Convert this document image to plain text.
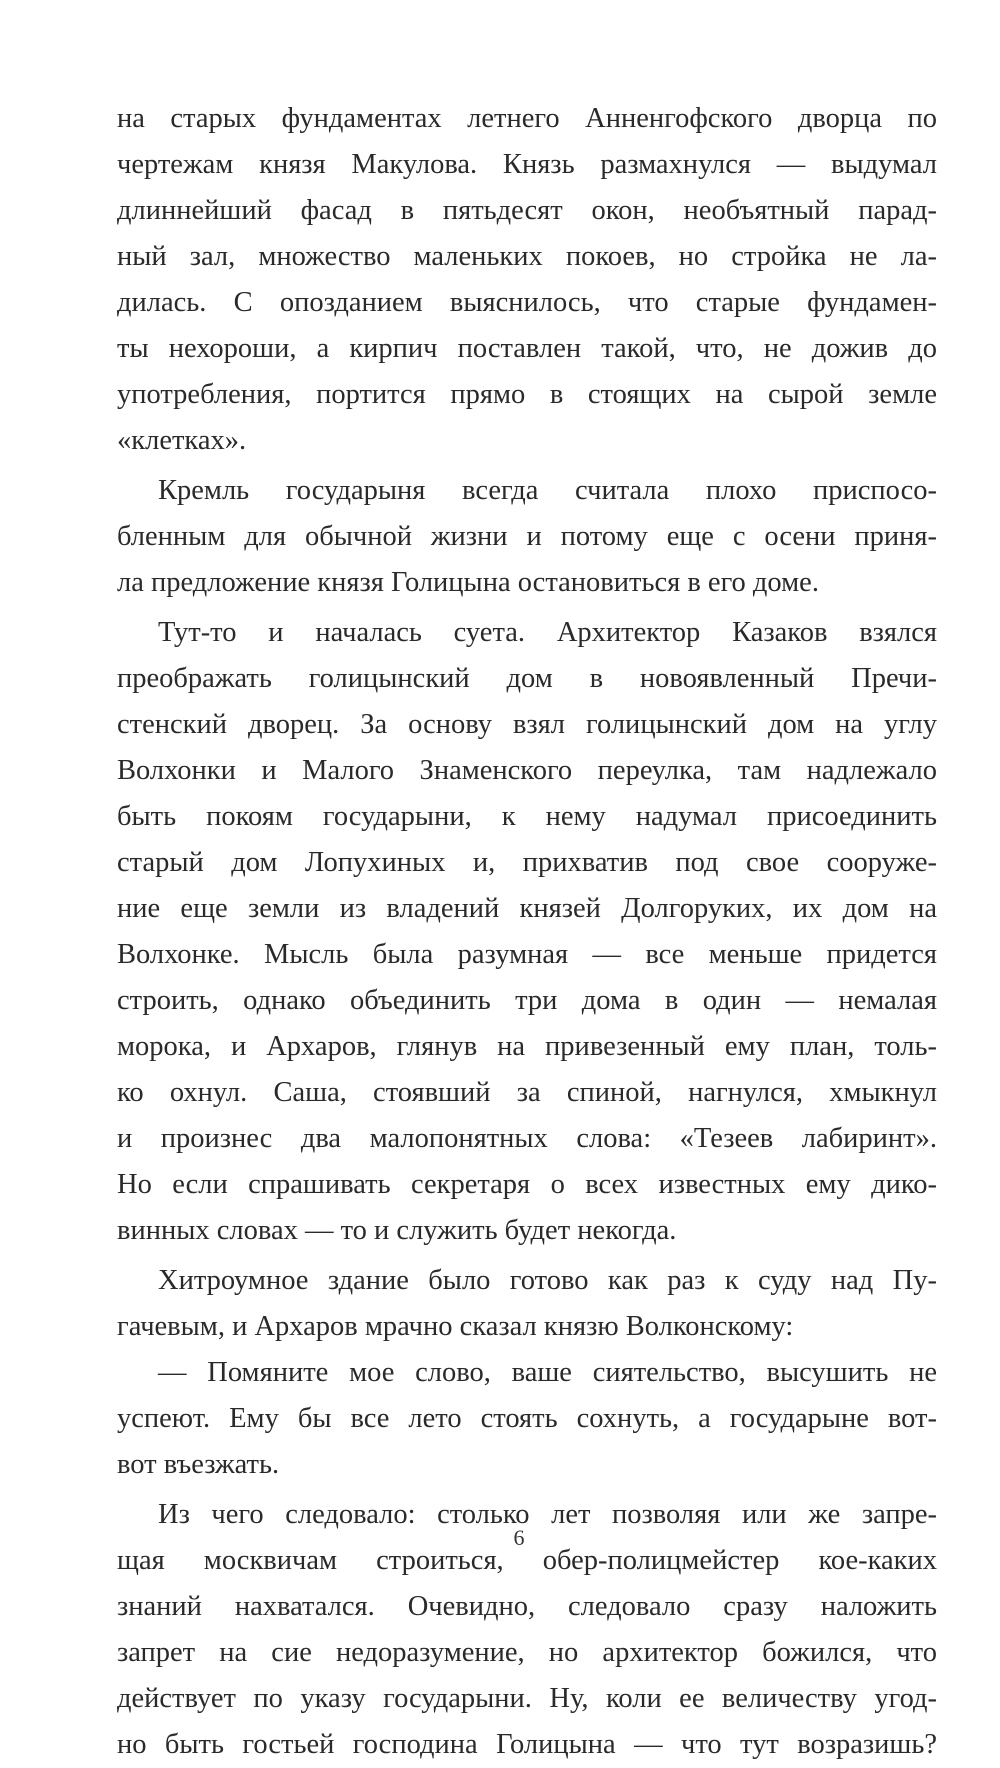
на старых фундаментах летнего Анненгофского дворца по
чертежам князя Макулова. Князь размахнулся — выдумал
длиннейший фасад в пятьдесят окон, необъятный парад-
ный зал, множество маленьких покоев, но стройка не ла-
дилась. С опозданием выяснилось, что старые фундамен-
ты нехороши, а кирпич поставлен такой, что, не дожив до
употребления, портится прямо в стоящих на сырой земле
«клетках».
Кремль государыня всегда считала плохо приспосо-
бленным для обычной жизни и потому еще с осени приня-
ла предложение князя Голицына остановиться в его доме.
Тут-то и началась суета. Архитектор Казаков взялся
преображать голицынский дом в новоявленный Пречи-
стенский дворец. За основу взял голицынский дом на углу
Волхонки и Малого Знаменского переулка, там надлежало
быть покоям государыни, к нему надумал присоединить
старый дом Лопухиных и, прихватив под свое сооруже-
ние еще земли из владений князей Долгоруких, их дом на
Волхонке. Мысль была разумная — все меньше придется
строить, однако объединить три дома в один — немалая
морока, и Архаров, глянув на привезенный ему план, толь-
ко охнул. Саша, стоявший за спиной, нагнулся, хмыкнул
и произнес два малопонятных слова: «Тезеев лабиринт».
Но если спрашивать секретаря о всех известных ему дико-
винных словах — то и служить будет некогда.
Хитроумное здание было готово как раз к суду над Пу-
гачевым, и Архаров мрачно сказал князю Волконскому:
— Помяните мое слово, ваше сиятельство, высушить не
успеют. Ему бы все лето стоять сохнуть, а государыне вот-
вот въезжать.
Из чего следовало: столько лет позволяя или же запре-
щая москвичам строиться, обер-полицмейстер кое-каких
знаний нахватался. Очевидно, следовало сразу наложить
запрет на сие недоразумение, но архитектор божился, что
действует по указу государыни. Ну, коли ее величеству угод-
но быть гостьей господина Голицына — что тут возразишь?
6
